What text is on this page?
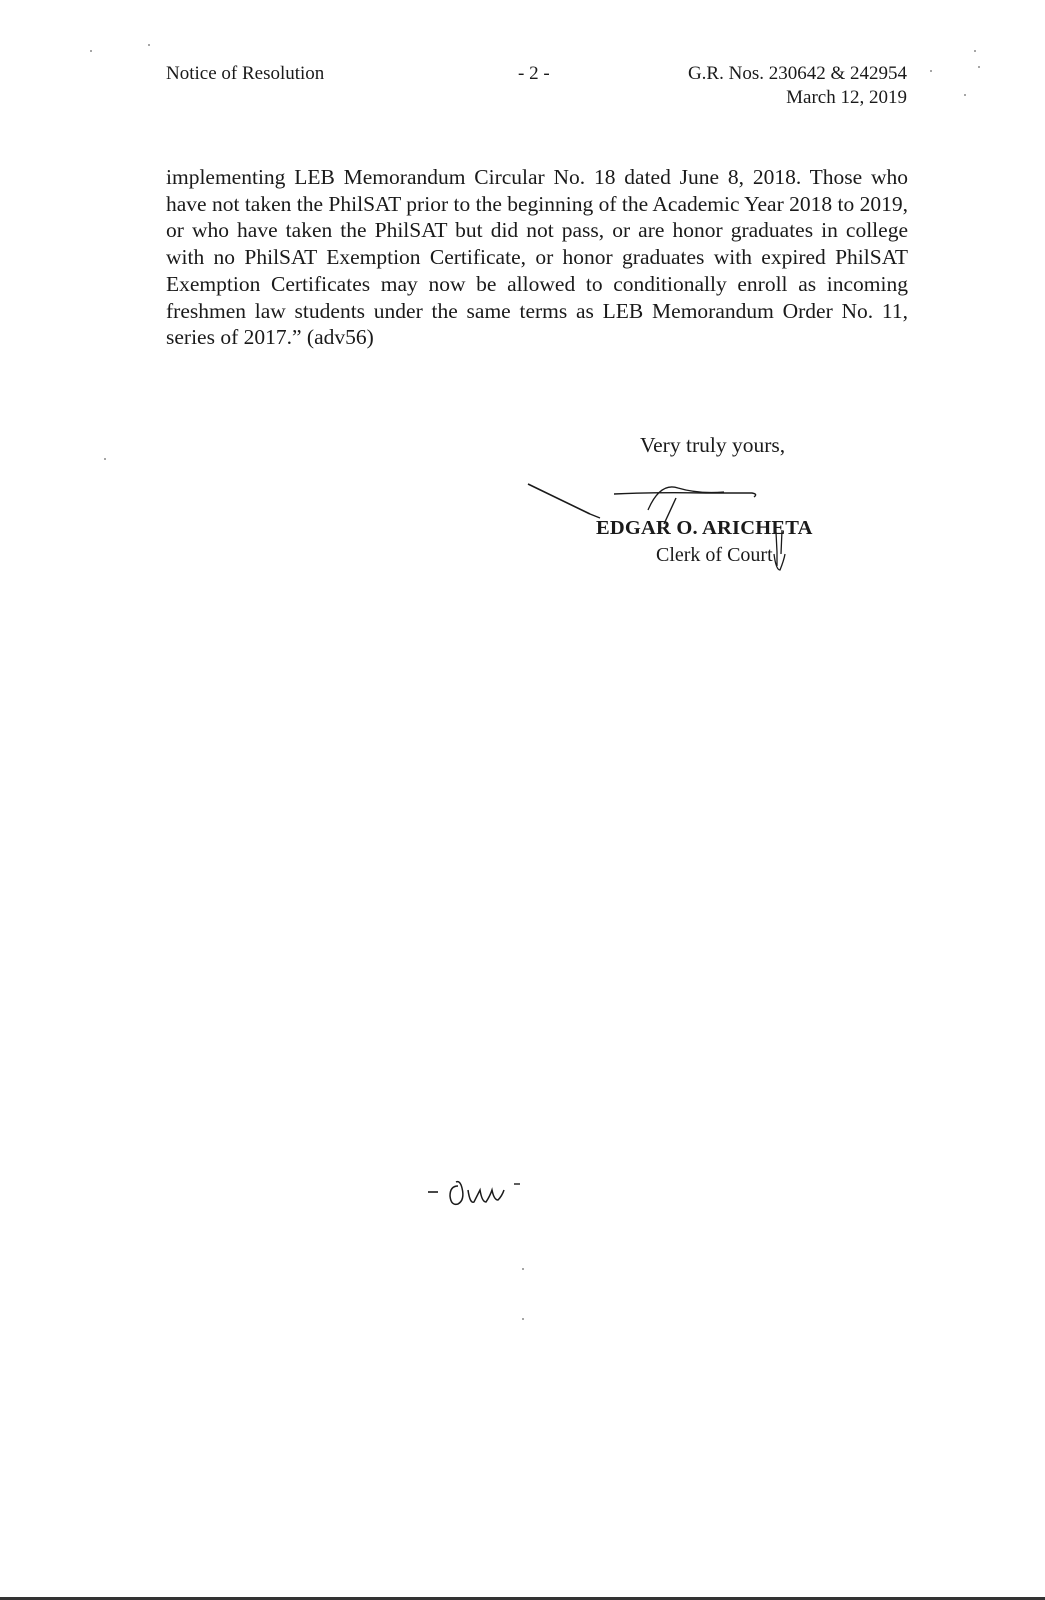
Notice of Resolution	- 2 -	G.R. Nos. 230642 & 242954
March 12, 2019
implementing LEB Memorandum Circular No. 18 dated June 8, 2018. Those who have not taken the PhilSAT prior to the beginning of the Academic Year 2018 to 2019, or who have taken the PhilSAT but did not pass, or are honor graduates in college with no PhilSAT Exemption Certificate, or honor graduates with expired PhilSAT Exemption Certificates may now be allowed to conditionally enroll as incoming freshmen law students under the same terms as LEB Memorandum Order No. 11, series of 2017.” (adv56)
Very truly yours,
EDGAR O. ARICHETA
Clerk of Court
